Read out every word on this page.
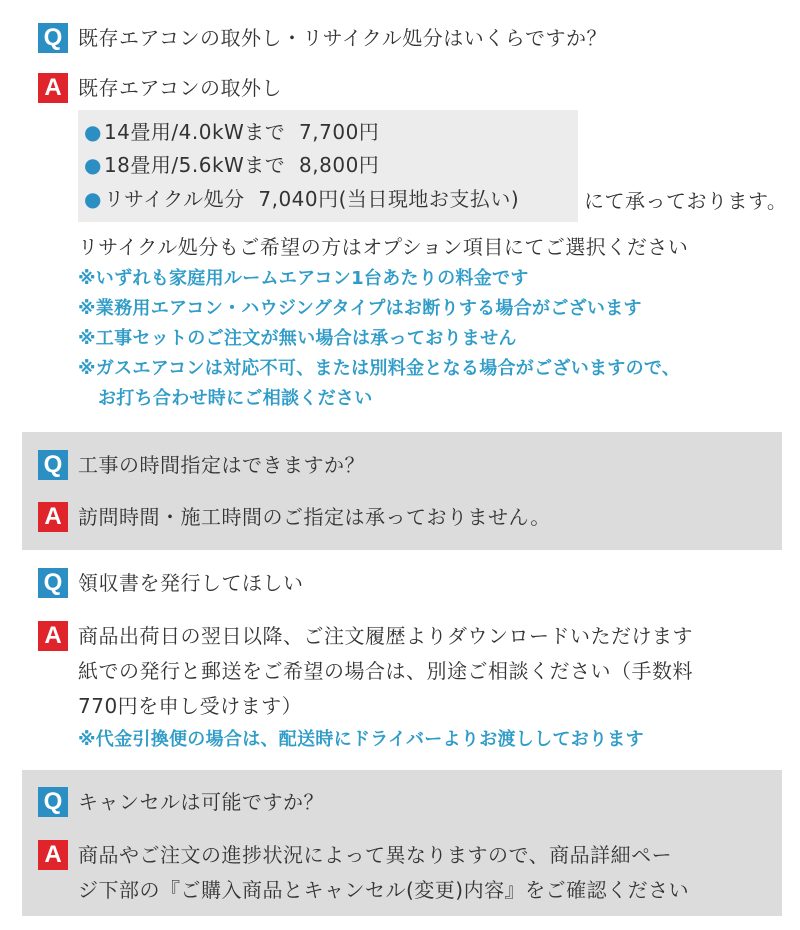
Q 既存エアコンの取外し・リサイクル処分はいくらですか？
A 既存エアコンの取外し
● 14畳用/4.0kWまで 7,700円
● 18畳用/5.6kWまで 8,800円
● リサイクル処分 7,040円(当日現地お支払い)	にて承っております。
リサイクル処分もご希望の方はオプション項目にてご選択ください
※いずれも家庭用ルームエアコン1台あたりの料金です
※業務用エアコン・ハウジングタイプはお断りする場合がございます
※工事セットのご注文が無い場合は承っておりません
※ガスエアコンは対応不可、または別料金となる場合がございますので、
お打ち合わせ時にご相談ください
Q 工事の時間指定はできますか？
A 訪問時間・施工時間のご指定は承っておりません。
Q 領収書を発行してほしい
A 商品出荷日の翌日以降、ご注文履歴よりダウンロードいただけます
紙での発行と郵送をご希望の場合は、別途ご相談ください（手数料
770円を申し受けます）
※代金引換便の場合は、配送時にドライバーよりお渡ししております
Q キャンセルは可能ですか？
A 商品やご注文の進捗状況によって異なりますので、商品詳細ペー
ジ下部の『ご購入商品とキャンセル(変更)内容』をご確認ください
